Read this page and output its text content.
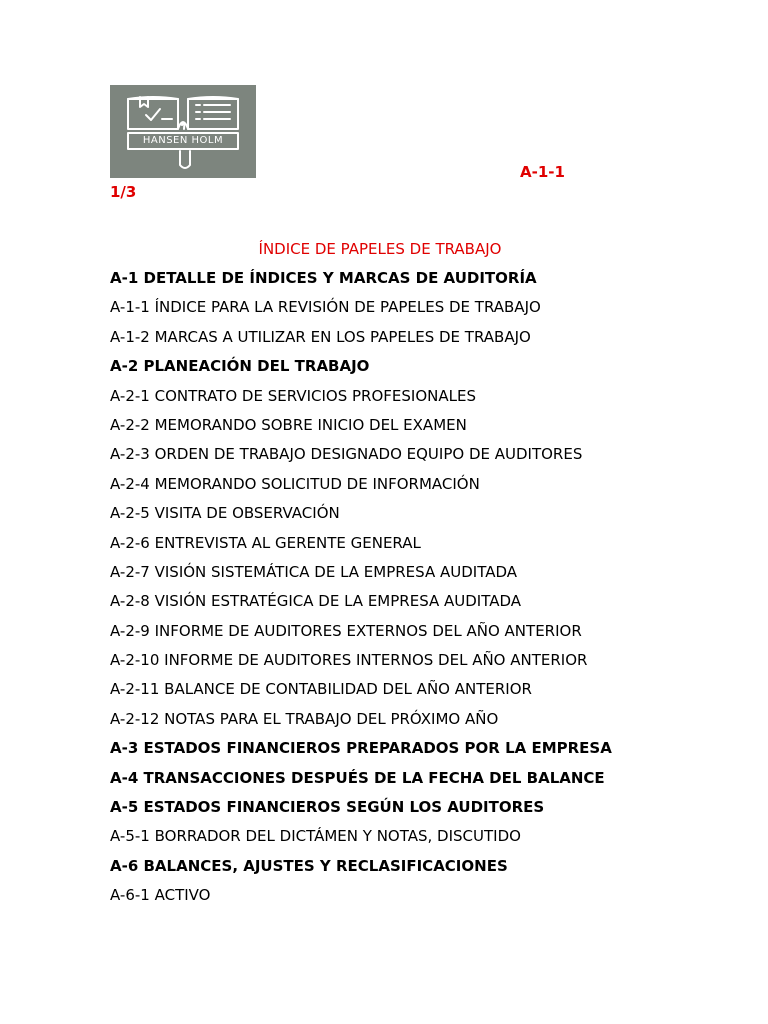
HANSEN HOLM
A-1-1
1/3
ÍNDICE DE PAPELES DE TRABAJO
A-1 DETALLE DE ÍNDICES Y MARCAS DE AUDITORÍA
A-1-1 ÍNDICE PARA LA REVISIÓN DE PAPELES DE TRABAJO
A-1-2 MARCAS A UTILIZAR EN LOS PAPELES DE TRABAJO
A-2 PLANEACIÓN DEL TRABAJO
A-2-1 CONTRATO DE SERVICIOS PROFESIONALES
A-2-2 MEMORANDO SOBRE INICIO DEL EXAMEN
A-2-3 ORDEN DE TRABAJO DESIGNADO EQUIPO DE AUDITORES
A-2-4 MEMORANDO SOLICITUD DE INFORMACIÓN
A-2-5 VISITA DE OBSERVACIÓN
A-2-6 ENTREVISTA AL GERENTE GENERAL
A-2-7 VISIÓN SISTEMÁTICA DE LA EMPRESA AUDITADA
A-2-8 VISIÓN ESTRATÉGICA DE LA EMPRESA AUDITADA
A-2-9 INFORME DE AUDITORES EXTERNOS DEL AÑO ANTERIOR
A-2-10 INFORME DE AUDITORES INTERNOS DEL AÑO ANTERIOR
A-2-11 BALANCE DE CONTABILIDAD DEL AÑO ANTERIOR
A-2-12 NOTAS PARA EL TRABAJO DEL PRÓXIMO AÑO
A-3 ESTADOS FINANCIEROS PREPARADOS POR LA EMPRESA
A-4 TRANSACCIONES DESPUÉS DE LA FECHA DEL BALANCE
A-5 ESTADOS FINANCIEROS SEGÚN LOS AUDITORES
A-5-1 BORRADOR DEL DICTÁMEN Y NOTAS, DISCUTIDO
A-6 BALANCES, AJUSTES Y RECLASIFICACIONES
A-6-1 ACTIVO
